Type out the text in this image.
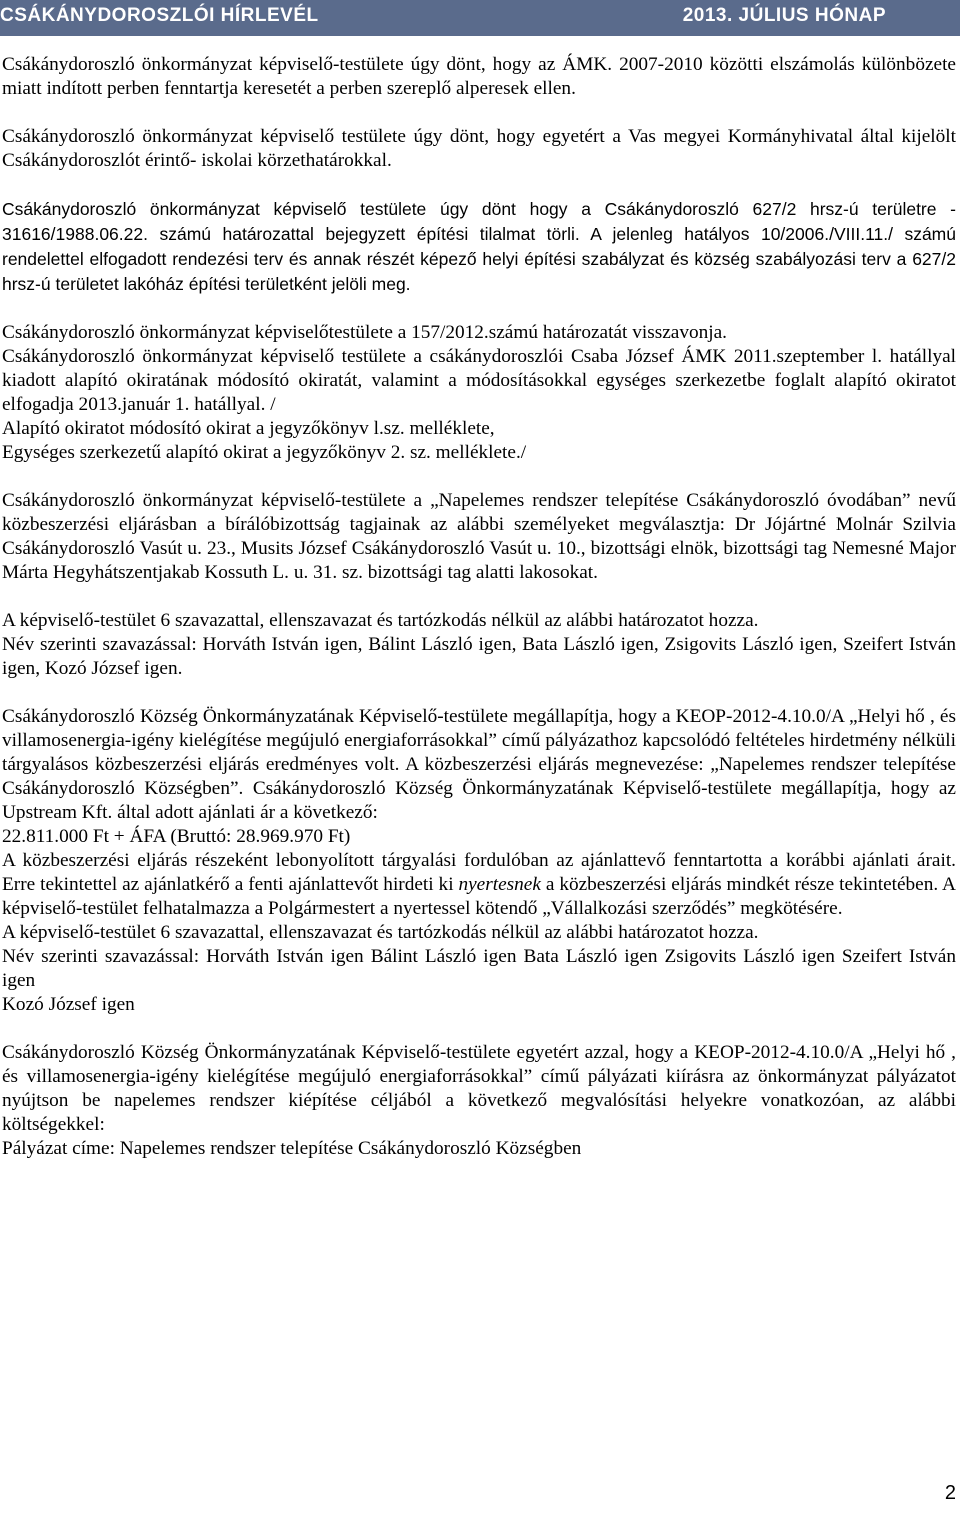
CSÁKÁNYDOROSZLÓI HÍRLEVÉL	2013. JÚLIUS HÓNAP

Csákánydoroszló önkormányzat képviselő-testülete úgy dönt, hogy az ÁMK. 2007-2010 közötti elszámolás különbözete miatt indított perben fenntartja keresetét a perben szereplő alperesek ellen.

Csákánydoroszló önkormányzat képviselő testülete úgy dönt, hogy egyetért a Vas megyei Kormányhivatal által kijelölt Csákánydoroszlót érintő- iskolai körzethatárokkal.

Csákánydoroszló önkormányzat képviselő testülete úgy dönt hogy a Csákánydoroszló 627/2 hrsz-ú területre - 31616/1988.06.22. számú határozattal bejegyzett építési tilalmat törli. A jelenleg hatályos 10/2006./VIII.11./ számú rendelettel elfogadott rendezési terv és annak részét képező helyi építési szabályzat és község szabályozási terv a 627/2 hrsz-ú területet lakóház építési területként jelöli meg.

Csákánydoroszló önkormányzat képviselőtestülete a 157/2012.számú határozatát visszavonja.

Csákánydoroszló önkormányzat képviselő testülete a csákánydoroszlói Csaba József ÁMK 2011.szeptember l. hatállyal kiadott alapító okiratának módosító okiratát, valamint a módosításokkal egységes szerkezetbe foglalt alapító okiratot elfogadja 2013.január 1. hatállyal. /

Alapító okiratot módosító okirat a jegyzőkönyv l.sz. melléklete,

Egységes szerkezetű alapító okirat a jegyzőkönyv 2. sz. melléklete./

Csákánydoroszló önkormányzat képviselő-testülete a „Napelemes rendszer telepítése Csákánydoroszló óvodában” nevű közbeszerzési eljárásban a bírálóbizottság tagjainak az alábbi személyeket megválasztja: Dr Jójártné Molnár Szilvia Csákánydoroszló Vasút u. 23., Musits József Csákánydoroszló Vasút u. 10., bizottsági elnök, bizottsági tag Nemesné Major Márta Hegyhátszentjakab Kossuth L. u. 31. sz. bizottsági tag alatti lakosokat.

A képviselő-testület 6 szavazattal, ellenszavazat és tartózkodás nélkül az alábbi határozatot hozza.

Név szerinti szavazással: Horváth István igen, Bálint László igen, Bata László igen, Zsigovits László igen, Szeifert István igen, Kozó József igen.

Csákánydoroszló Község Önkormányzatának Képviselő-testülete megállapítja, hogy a KEOP-2012-4.10.0/A „Helyi hő , és villamosenergia-igény kielégítése megújuló energiaforrásokkal” című pályázathoz kapcsolódó feltételes hirdetmény nélküli tárgyalásos közbeszerzési eljárás eredményes volt. A közbeszerzési eljárás megnevezése: „Napelemes rendszer telepítése Csákánydoroszló Községben”. Csákánydoroszló Község Önkormányzatának Képviselő-testülete megállapítja, hogy az Upstream Kft. által adott ajánlati ár a következő:

22.811.000 Ft + ÁFA (Bruttó: 28.969.970 Ft)

A közbeszerzési eljárás részeként lebonyolított tárgyalási fordulóban az ajánlattevő fenntartotta a korábbi ajánlati árait. Erre tekintettel az ajánlatkérő a fenti ajánlattevőt hirdeti ki nyertesnek a közbeszerzési eljárás mindkét része tekintetében. A képviselő-testület felhatalmazza a Polgármestert a nyertessel kötendő „Vállalkozási szerződés” megkötésére.

A képviselő-testület 6 szavazattal, ellenszavazat és tartózkodás nélkül az alábbi határozatot hozza.

Név szerinti szavazással: Horváth István igen Bálint László igen Bata László igen Zsigovits László igen Szeifert István igen

Kozó József igen

Csákánydoroszló Község Önkormányzatának Képviselő-testülete egyetért azzal, hogy a KEOP-2012-4.10.0/A „Helyi hő , és villamosenergia-igény kielégítése megújuló energiaforrásokkal” című pályázati kiírásra az önkormányzat pályázatot nyújtson be napelemes rendszer kiépítése céljából a következő megvalósítási helyekre vonatkozóan, az alábbi költségekkel:

Pályázat címe: Napelemes rendszer telepítése Csákánydoroszló Községben

2
